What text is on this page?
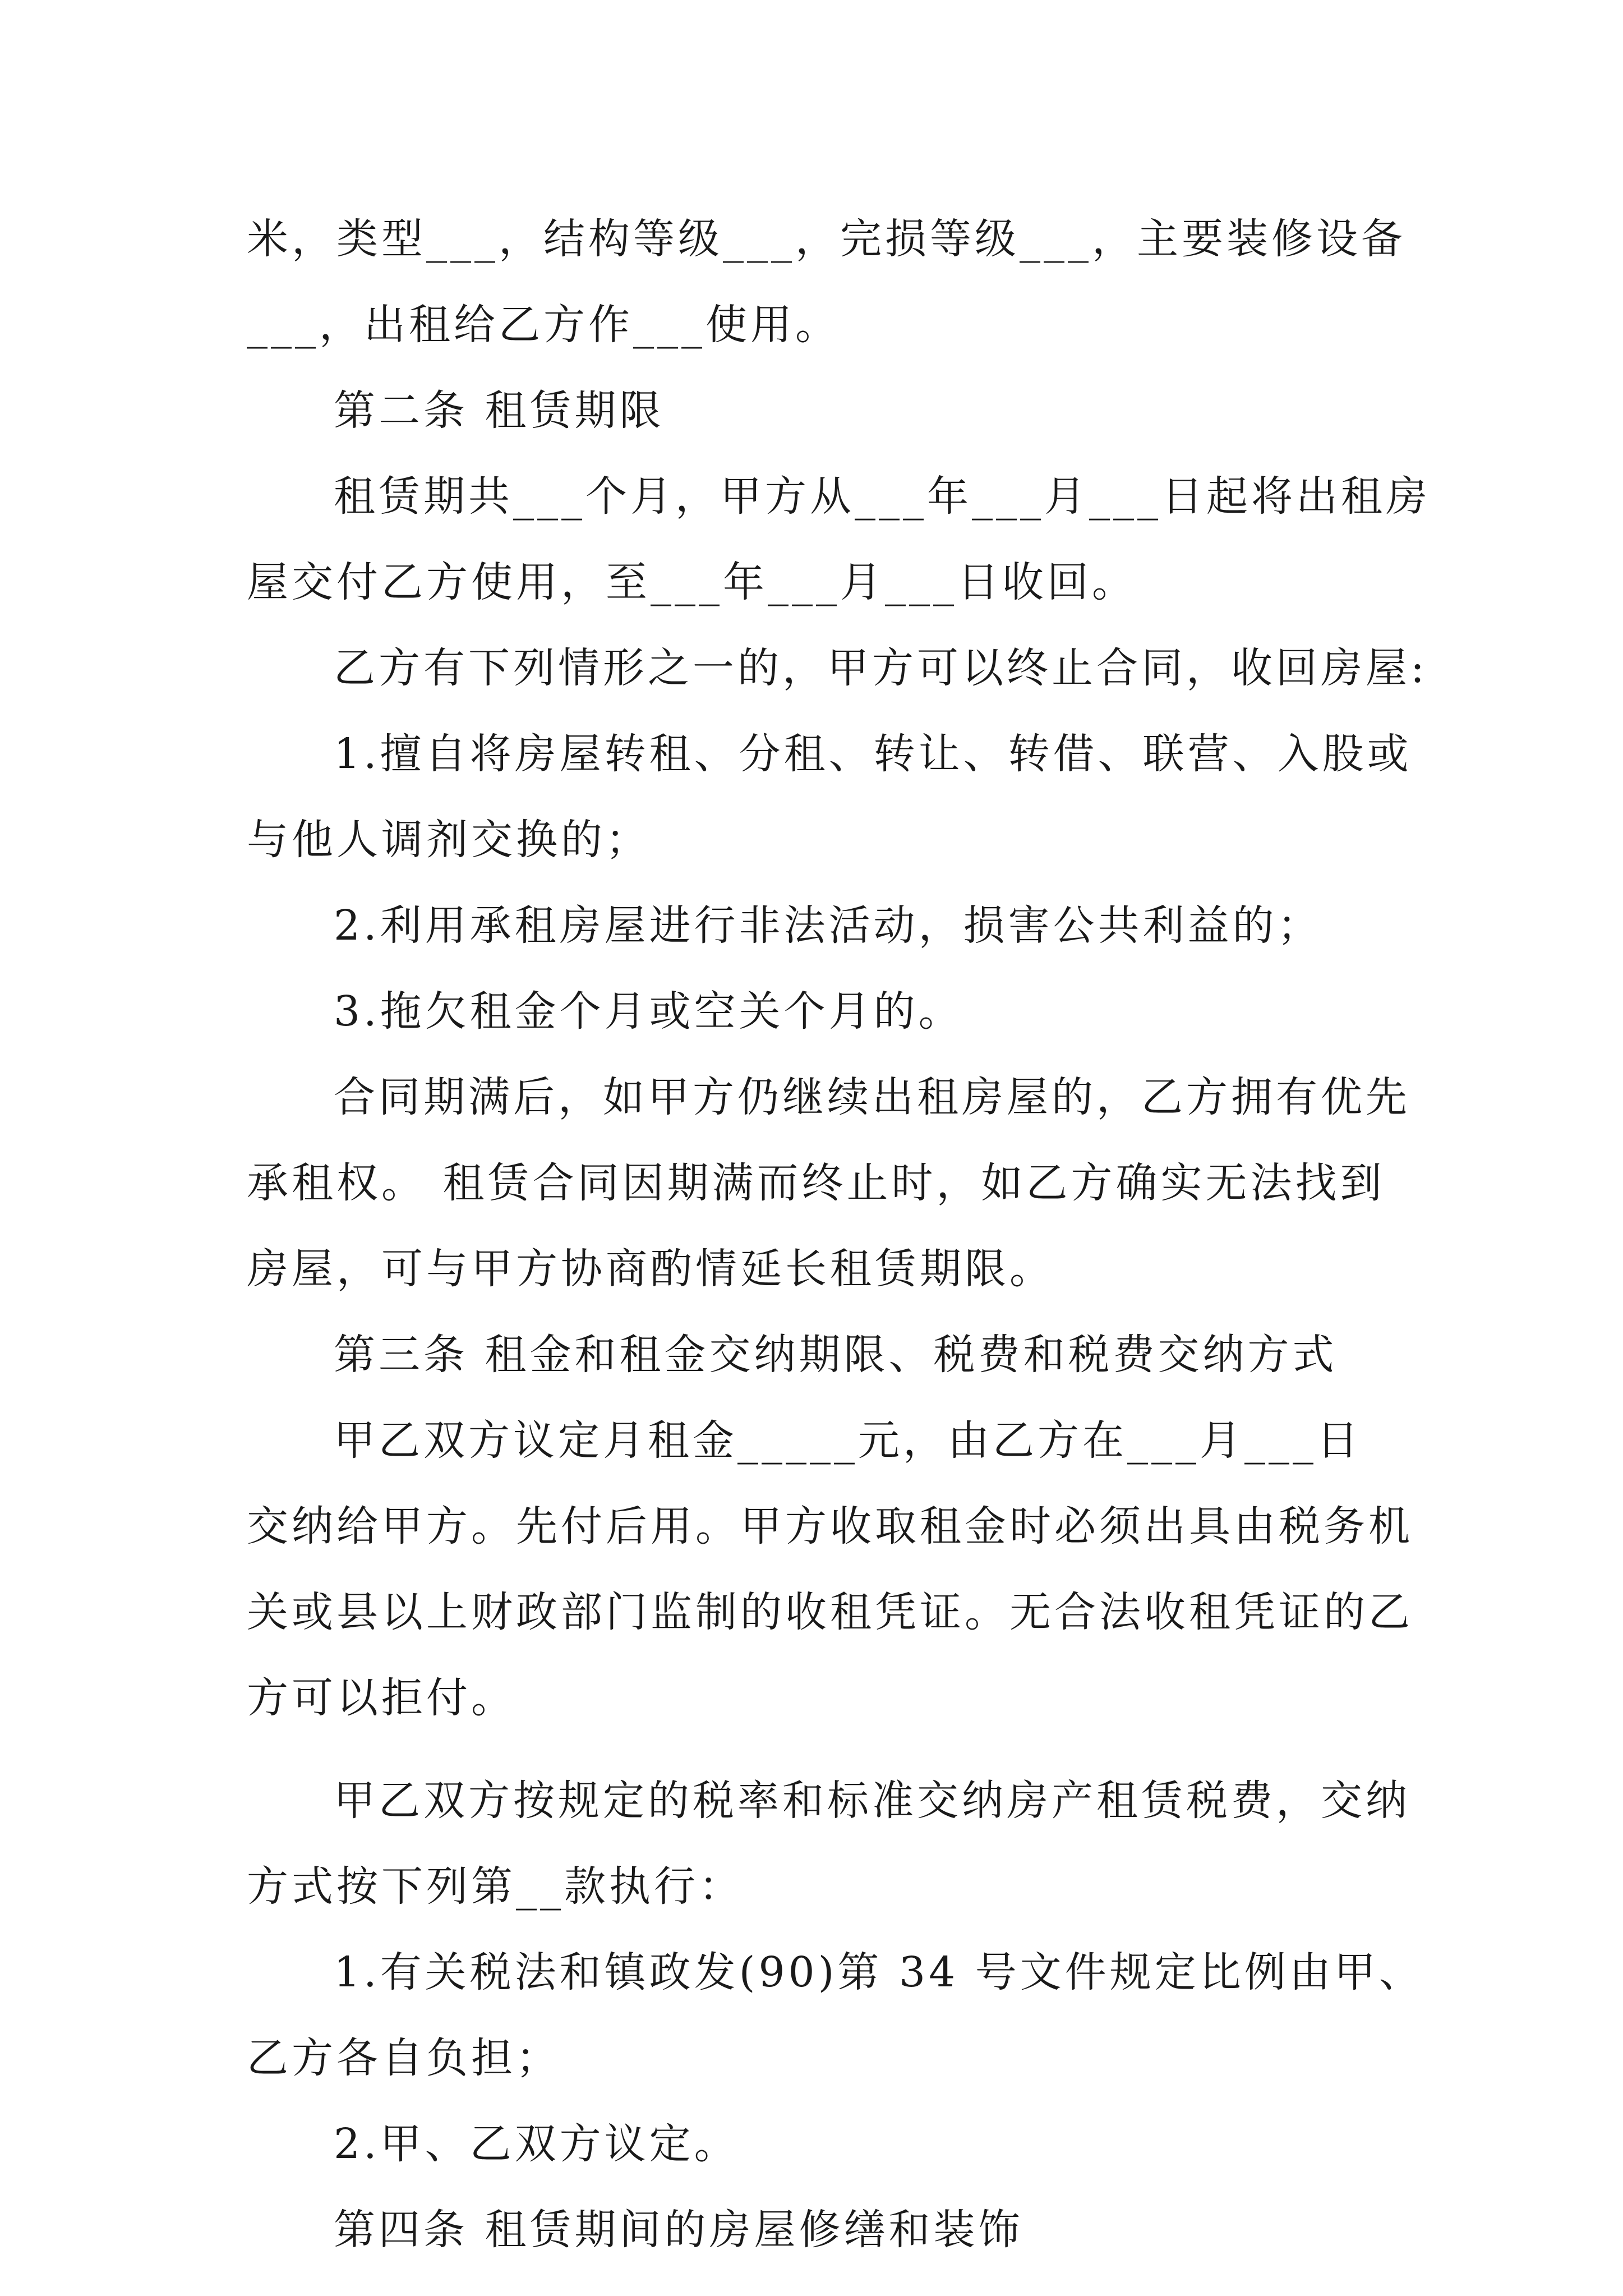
米，类型___，结构等级___，完损等级___，主要装修设备
___，出租给乙方作___使用。
第二条 租赁期限
租赁期共___个月，甲方从___年___月___日起将出租房
屋交付乙方使用，至___年___月___日收回。
乙方有下列情形之一的，甲方可以终止合同，收回房屋:
1.擅自将房屋转租、分租、转让、转借、联营、入股或
与他人调剂交换的；
2.利用承租房屋进行非法活动，损害公共利益的；
3.拖欠租金个月或空关个月的。
合同期满后，如甲方仍继续出租房屋的，乙方拥有优先
承租权。 租赁合同因期满而终止时，如乙方确实无法找到
房屋，可与甲方协商酌情延长租赁期限。
第三条 租金和租金交纳期限、税费和税费交纳方式
甲乙双方议定月租金_____元，由乙方在___月___日
交纳给甲方。先付后用。甲方收取租金时必须出具由税务机
关或县以上财政部门监制的收租凭证。无合法收租凭证的乙
方可以拒付。
甲乙双方按规定的税率和标准交纳房产租赁税费，交纳
方式按下列第__款执行：
1.有关税法和镇政发(90)第 34 号文件规定比例由甲、
乙方各自负担；
2.甲、乙双方议定。
第四条 租赁期间的房屋修缮和装饰
